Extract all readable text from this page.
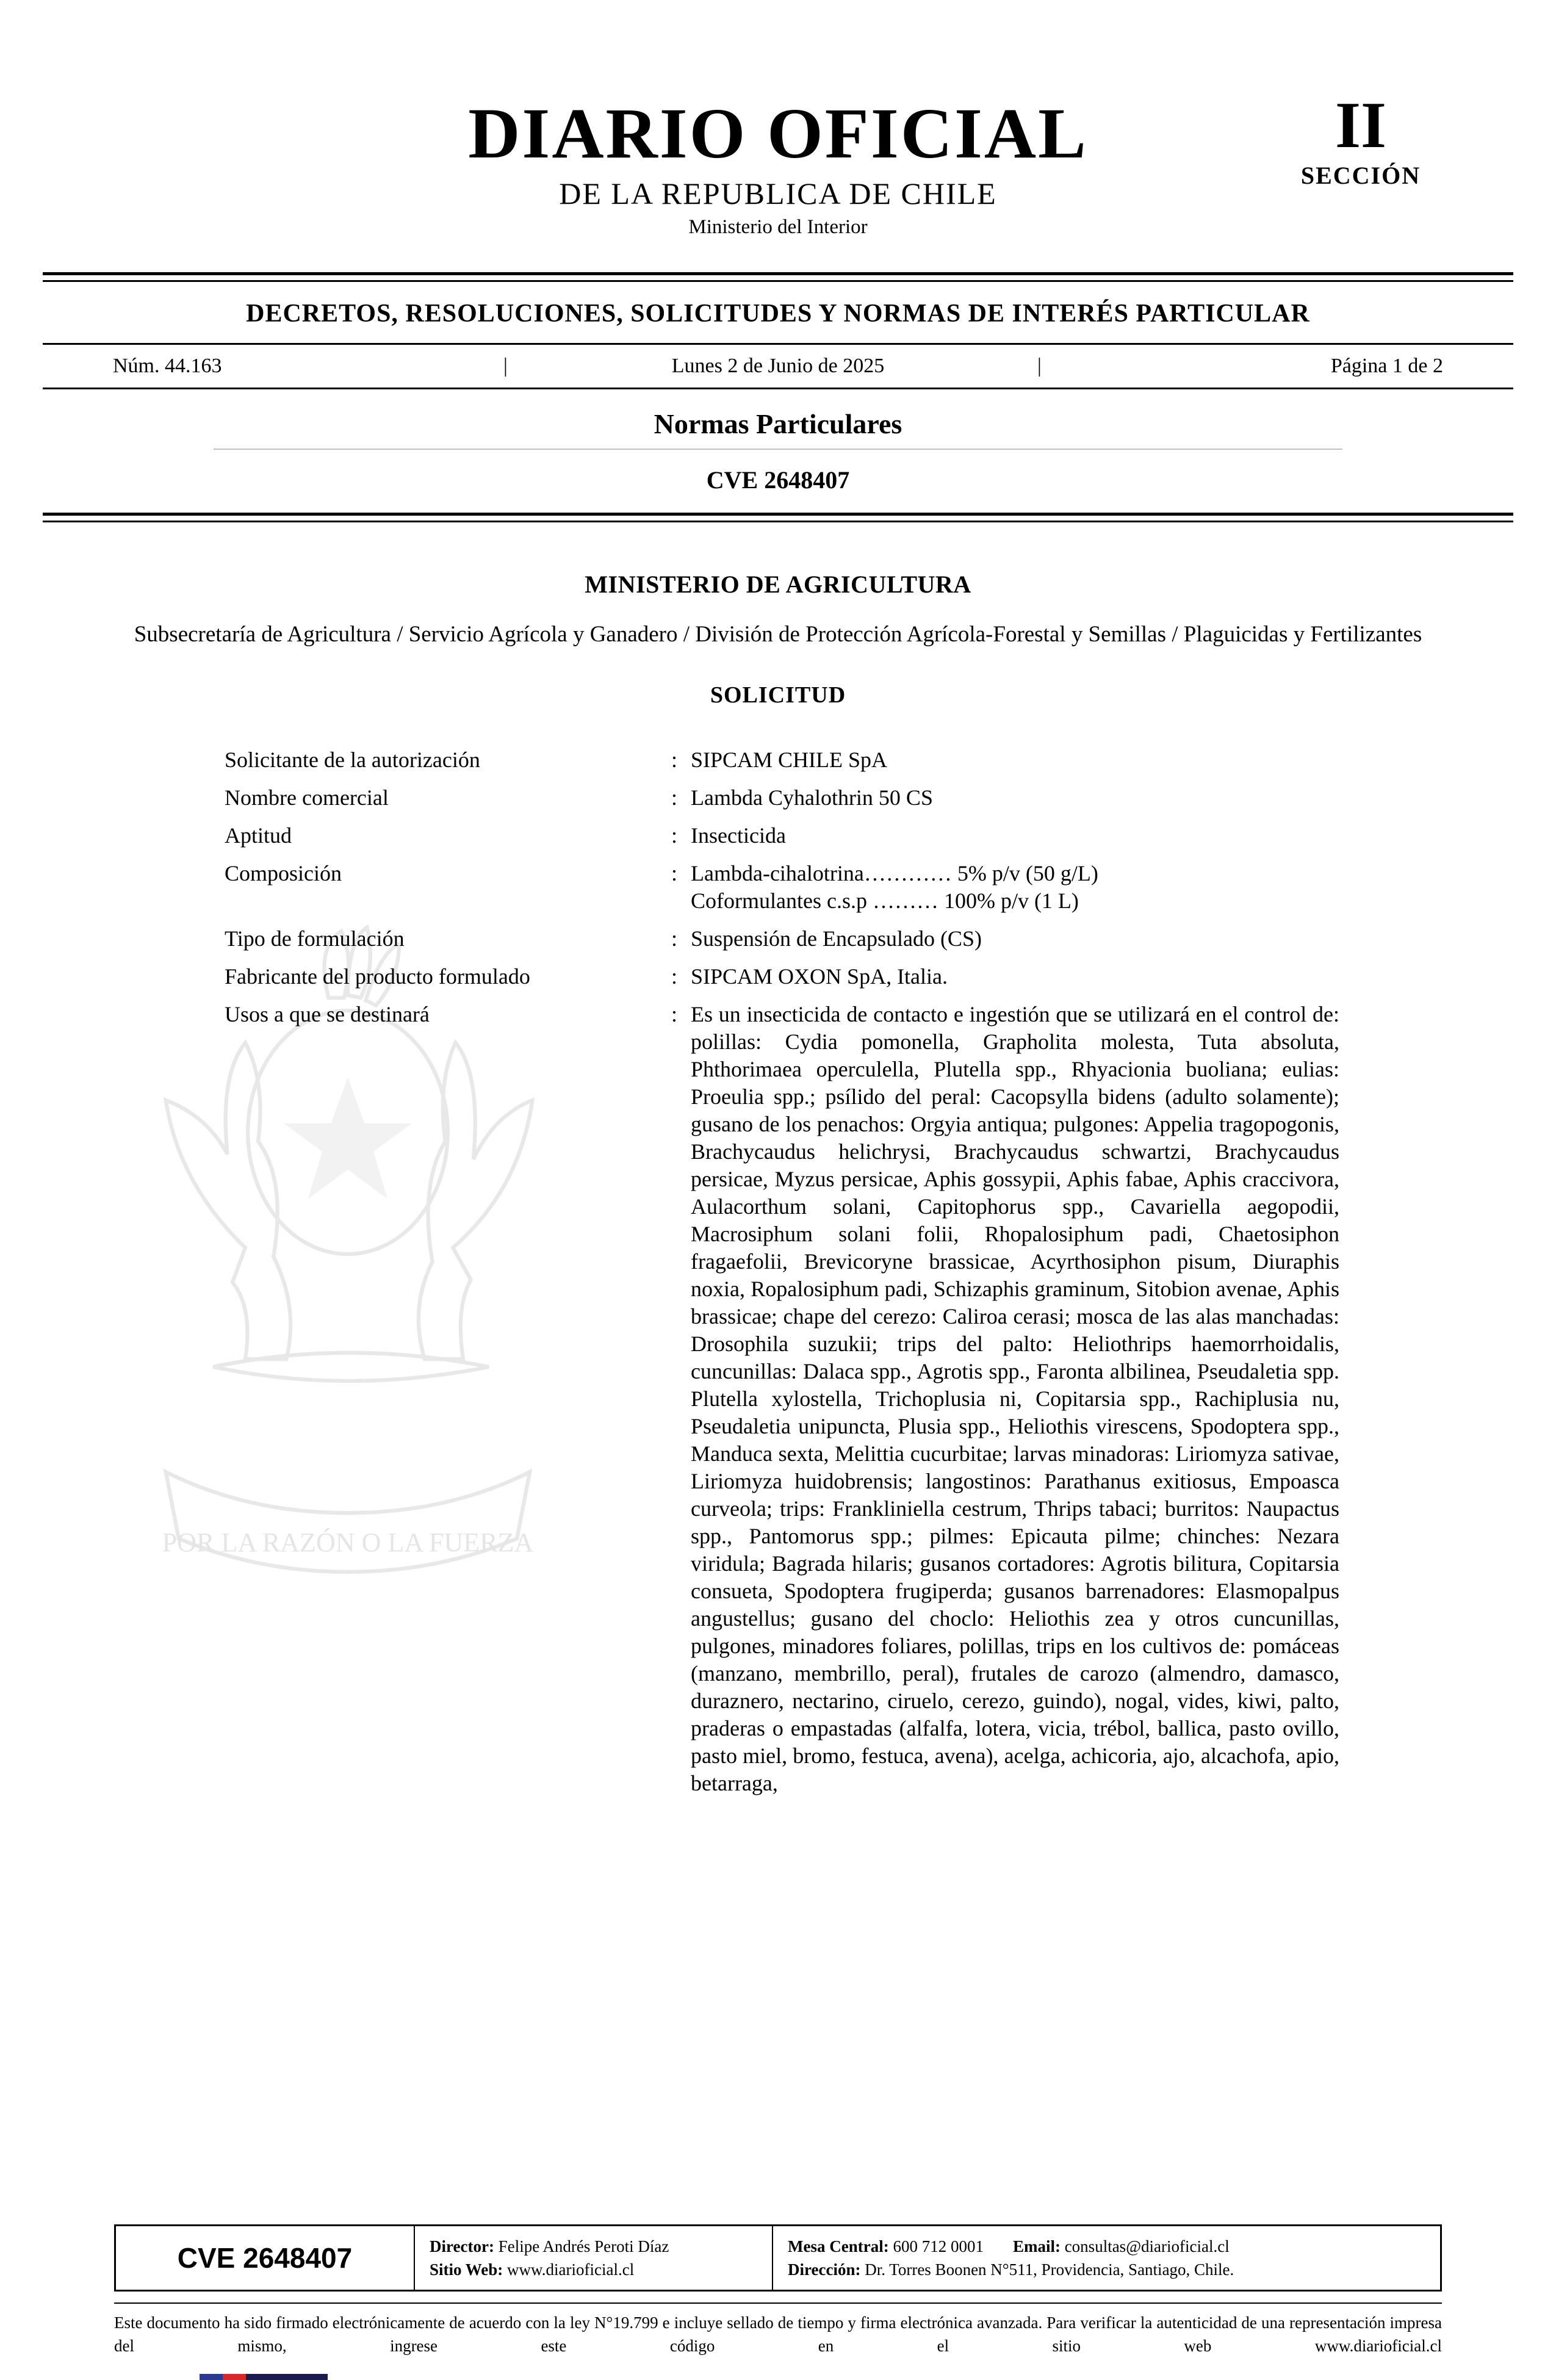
POR LA RAZÓN O LA FUERZA
DIARIO OFICIAL
DE LA REPUBLICA DE CHILE
Ministerio del Interior
II
SECCIÓN
DECRETOS, RESOLUCIONES, SOLICITUDES Y NORMAS DE INTERÉS PARTICULAR
Núm. 44.163	|	Lunes 2 de Junio de 2025	|	Página 1 de 2
Normas Particulares
CVE 2648407
MINISTERIO DE AGRICULTURA

Subsecretaría de Agricultura / Servicio Agrícola y Ganadero / División de Protección Agrícola-Forestal y Semillas / Plaguicidas y Fertilizantes

SOLICITUD
Solicitante de la autorización	: SIPCAM CHILE SpA
Nombre comercial	: Lambda Cyhalothrin 50 CS
Aptitud	: Insecticida
Composición	: Lambda-cihalotrina………… 5% p/v (50 g/L)
Coformulantes c.s.p ……… 100% p/v (1 L)
Tipo de formulación	: Suspensión de Encapsulado (CS)
Fabricante del producto formulado	: SIPCAM OXON SpA, Italia.
Usos a que se destinará	: Es un insecticida de contacto e ingestión que se utilizará en el control de: polillas: Cydia pomonella, Grapholita molesta, Tuta absoluta, Phthorimaea operculella, Plutella spp., Rhyacionia buoliana; eulias: Proeulia spp.; psílido del peral: Cacopsylla bidens (adulto solamente); gusano de los penachos: Orgyia antiqua; pulgones: Appelia tragopogonis, Brachycaudus helichrysi, Brachycaudus schwartzi, Brachycaudus persicae, Myzus persicae, Aphis gossypii, Aphis fabae, Aphis craccivora, Aulacorthum solani, Capitophorus spp., Cavariella aegopodii, Macrosiphum solani folii, Rhopalosiphum padi, Chaetosiphon fragaefolii, Brevicoryne brassicae, Acyrthosiphon pisum, Diuraphis noxia, Ropalosiphum padi, Schizaphis graminum, Sitobion avenae, Aphis brassicae; chape del cerezo: Caliroa cerasi; mosca de las alas manchadas: Drosophila suzukii; trips del palto: Heliothrips haemorrhoidalis, cuncunillas: Dalaca spp., Agrotis spp., Faronta albilinea, Pseudaletia spp. Plutella xylostella, Trichoplusia ni, Copitarsia spp., Rachiplusia nu, Pseudaletia unipuncta, Plusia spp., Heliothis virescens, Spodoptera spp., Manduca sexta, Melittia cucurbitae; larvas minadoras: Liriomyza sativae, Liriomyza huidobrensis; langostinos: Parathanus exitiosus, Empoasca curveola; trips: Frankliniella cestrum, Thrips tabaci; burritos: Naupactus spp., Pantomorus spp.; pilmes: Epicauta pilme; chinches: Nezara viridula; Bagrada hilaris; gusanos cortadores: Agrotis bilitura, Copitarsia consueta, Spodoptera frugiperda; gusanos barrenadores: Elasmopalpus angustellus; gusano del choclo: Heliothis zea y otros cuncunillas, pulgones, minadores foliares, polillas, trips en los cultivos de: pomáceas (manzano, membrillo, peral), frutales de carozo (almendro, damasco, duraznero, nectarino, ciruelo, cerezo, guindo), nogal, vides, kiwi, palto, praderas o empastadas (alfalfa, lotera, vicia, trébol, ballica, pasto ovillo, pasto miel, bromo, festuca, avena), acelga, achicoria, ajo, alcachofa, apio, betarraga,
CVE 2648407	Director: Felipe Andrés Peroti Díaz
Sitio Web: www.diarioficial.cl
Mesa Central: 600 712 0001 Email: consultas@diarioficial.cl
Dirección: Dr. Torres Boonen N°511, Providencia, Santiago, Chile.

Este documento ha sido firmado electrónicamente de acuerdo con la ley N°19.799 e incluye sellado de tiempo y firma electrónica avanzada. Para verificar la autenticidad de una representación impresa del mismo, ingrese este código en el sitio web www.diarioficial.cl
